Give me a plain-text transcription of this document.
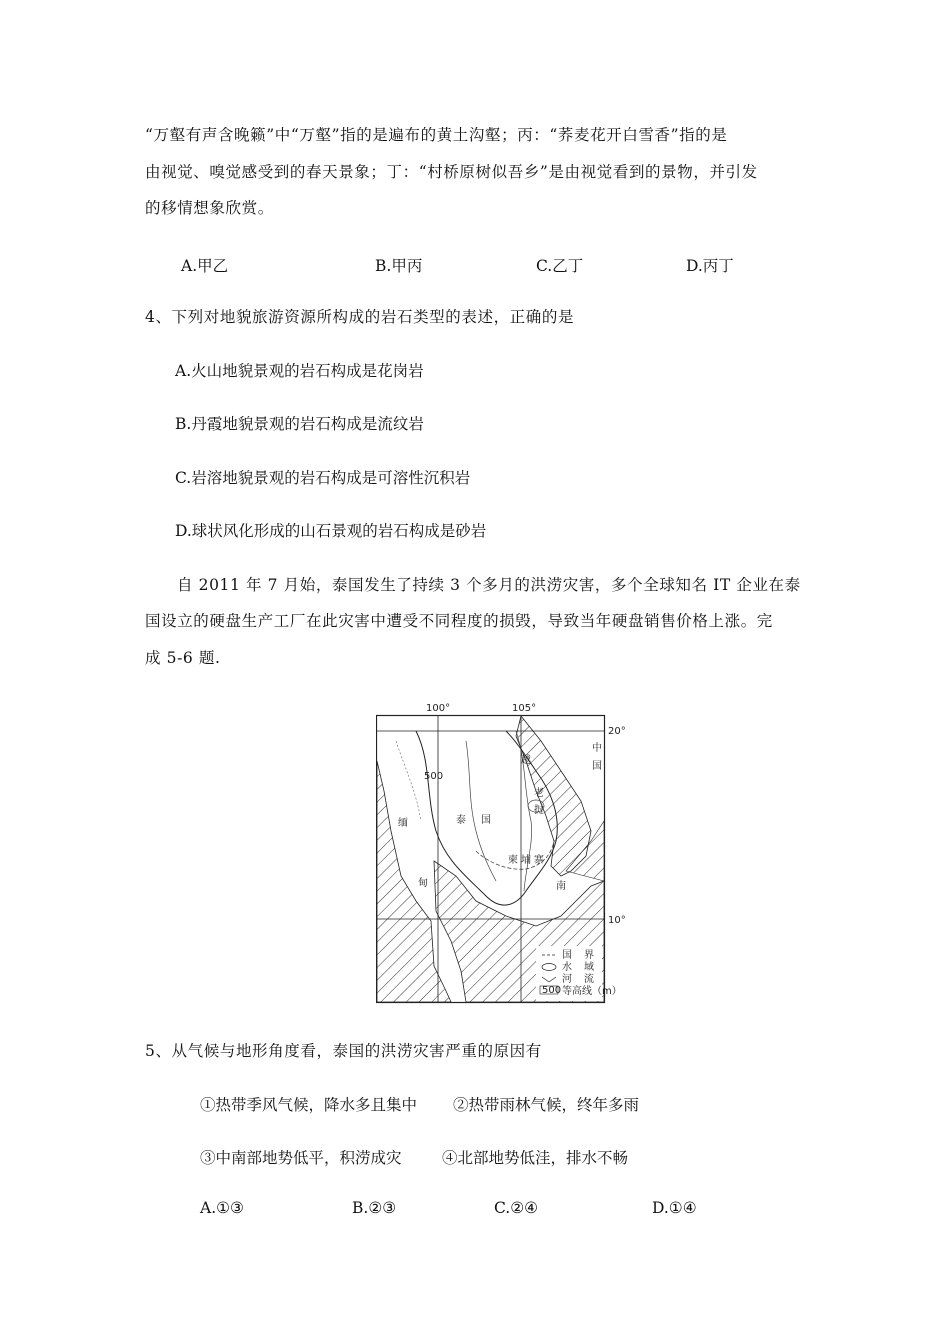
“万壑有声含晚籁”中“万壑”指的是遍布的黄土沟壑；丙：“荞麦花开白雪香”指的是
由视觉、嗅觉感受到的春天景象；丁：“村桥原树似吾乡”是由视觉看到的景物，并引发
的移情想象欣赏。
A.甲乙	B.甲丙	C.乙丁	D.丙丁
4、下列对地貌旅游资源所构成的岩石类型的表述，正确的是
A.火山地貌景观的岩石构成是花岗岩
B.丹霞地貌景观的岩石构成是流纹岩
C.岩溶地貌景观的岩石构成是可溶性沉积岩
D.球状风化形成的山石景观的岩石构成是砂岩
自 2011 年 7 月始，泰国发生了持续 3 个多月的洪涝灾害，多个全球知名 IT 企业在泰
国设立的硬盘生产工厂在此灾害中遭受不同程度的损毁，导致当年硬盘销售价格上涨。完
成 5-6 题.
100°	105°
20°
10°
500
泰 国
柬 埔 寨
老
挝
缅
甸	南
越
中
国
国 界
水 域
河 流
500 等高线（m）
5、从气候与地形角度看，泰国的洪涝灾害严重的原因有
①热带季风气候，降水多且集中 ②热带雨林气候，终年多雨
③中南部地势低平，积涝成灾	④北部地势低洼，排水不畅
A.①③	B.②③	C.②④	D.①④
